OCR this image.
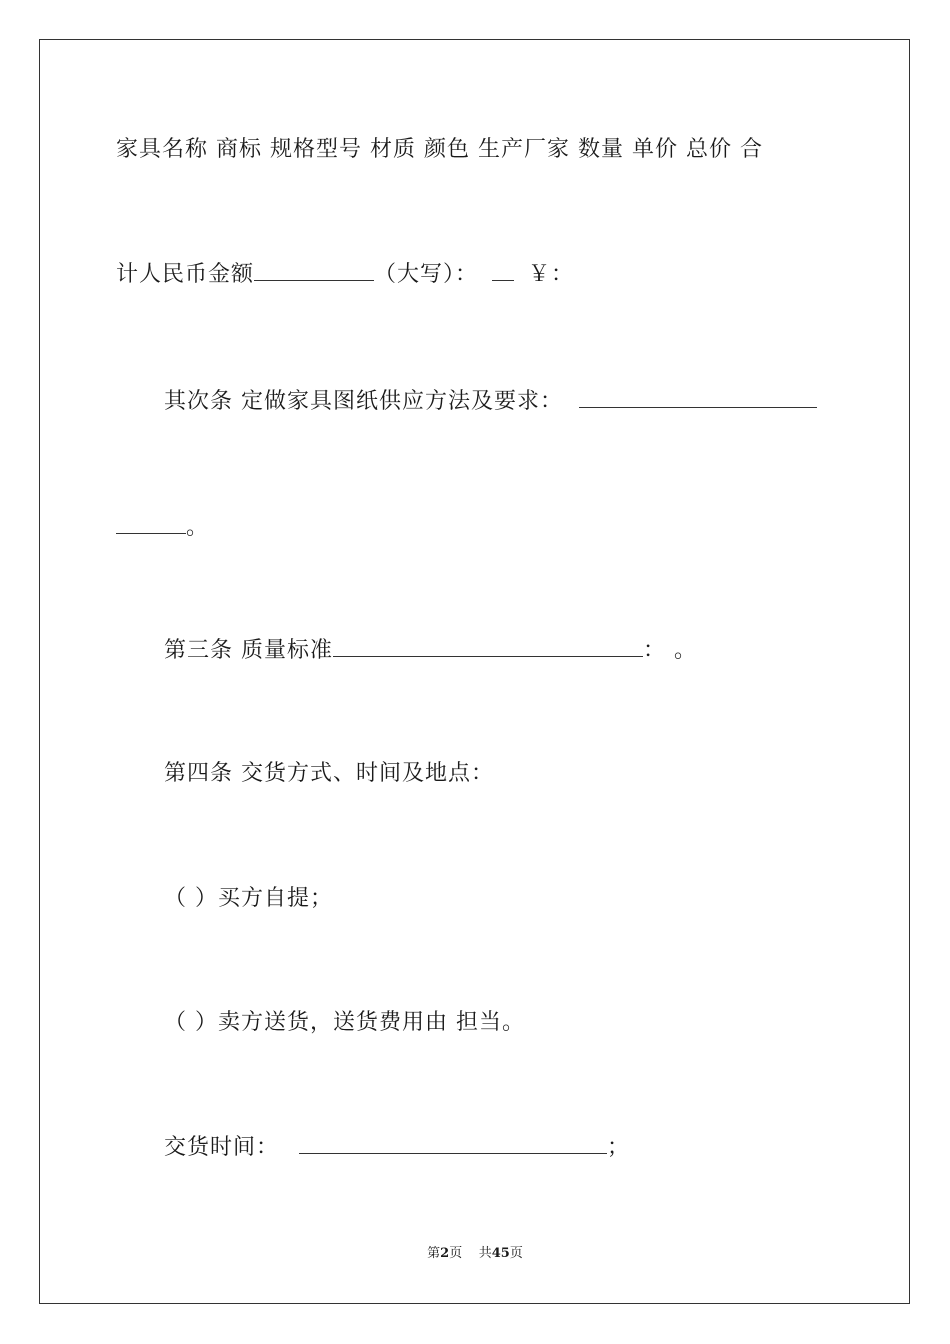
家具名称 商标 规格型号 材质 颜色 生产厂家 数量 单价 总价 合
计人民币金额	（大写）： ￥：
其次条 定做家具图纸供应方法及要求：
。
第三条 质量标准	： 。
第四条 交货方式、时间及地点：
（ ）买方自提；
（ ）卖方送货，送货费用由 担当。
交货时间：	；
第2页 共45页
